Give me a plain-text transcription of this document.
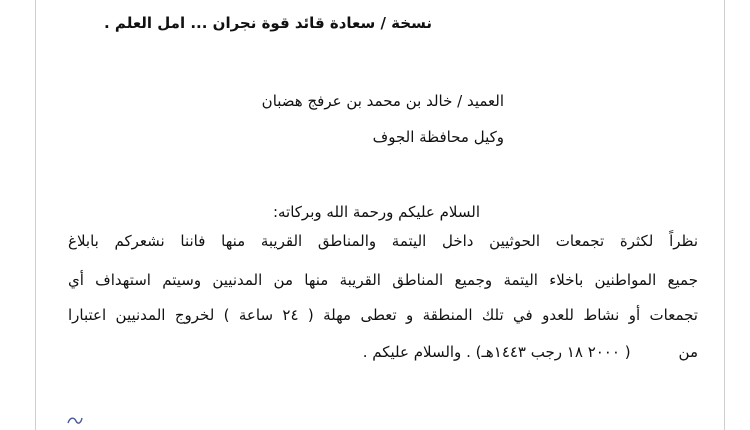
نسخة / سعادة قائد قوة نجران ... امل العلم .
العميد / خالد بن محمد بن عرفج هضبان
وكيل محافظة الجوف
السلام عليكم ورحمة الله وبركاته:
نظراً لكثرة تجمعات الحوثيين داخل اليتمة والمناطق القريبة منها فاننا نشعركم بابلاغ
جميع المواطنين باخلاء اليتمة وجميع المناطق القريبة منها من المدنيين وسيتم استهداف أي
تجمعات أو نشاط للعدو في تلك المنطقة و تعطى مهلة ( ٢٤ ساعة ) لخروج المدنيين اعتبارا
من( ٢٠٠٠ ١٨ رجب ١٤٤٣هـ) . والسلام عليكم .
